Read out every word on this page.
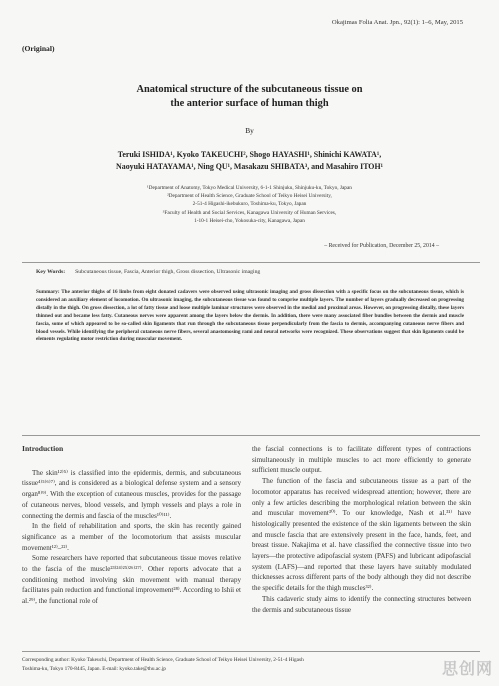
Okajimas Folia Anat. Jpn., 92(1): 1–6, May, 2015
(Original)
Anatomical structure of the subcutaneous tissue on
the anterior surface of human thigh
By
Teruki ISHIDA¹, Kyoko TAKEUCHI², Shogo HAYASHI¹, Shinichi KAWATA¹,
Naoyuki HATAYAMA¹, Ning QU¹, Masakazu SHIBATA³, and Masahiro ITOH¹
¹Department of Anatomy, Tokyo Medical University, 6-1-1 Shinjuku, Shinjuku-ku, Tokyo, Japan
²Department of Health Science, Graduate School of Teikyo Heisei University,
2-51-4 Higashi-ikebukuro, Toshima-ku, Tokyo, Japan
³Faculty of Health and Social Services, Kanagawa University of Human Services,
1-10-1 Heisei-cho, Yokosuka-city, Kanagawa, Japan
– Received for Publication, December 25, 2014 –
Key Words: Subcutaneous tissue, Fascia, Anterior thigh, Gross dissection, Ultrasonic imaging
Summary: The anterior thighs of 16 limbs from eight donated cadavers were observed using ultrasonic imaging and gross dissection with a specific focus on the subcutaneous tissue, which is considered an auxiliary element of locomotion. On ultrasonic imaging, the subcutaneous tissue was found to comprise multiple layers. The number of layers gradually decreased on progressing distally in the thigh. On gross dissection, a lot of fatty tissue and loose multiple laminar structures were observed in the medial and proximal areas. However, on progressing distally, these layers thinned out and became less fatty. Cutaneous nerves were apparent among the layers below the dermis. In addition, there were many associated fiber bundles between the dermis and muscle fascia, some of which appeared to be so-called skin ligaments that run through the subcutaneous tissue perpendicularly from the fascia to dermis, accompanying cutaneous nerve fibers and blood vessels. While identifying the peripheral cutaneous nerve fibers, several anastomosing rami and neural networks were recognized. These observations suggest that skin ligaments could be elements regulating motor restriction during muscular movement.

Introduction

The skin¹²⁾⁵⁾ is classified into the epidermis, dermis, and subcutaneous tissue⁴⁾⁵⁾⁶⁾⁷⁾, and is considered as a biological defense system and a sensory organ⁸⁾⁹⁾. With the exception of cutaneous muscles, provides for the passage of cutaneous nerves, blood vessels, and lymph vessels and plays a role in connecting the dermis and fascia of the muscles¹⁰⁾¹¹⁾.

In the field of rehabilitation and sports, the skin has recently gained significance as a member of the locomotorium that assists muscular movement¹²⁾–²²⁾.

Some researchers have reported that subcutaneous tissue moves relative to the fascia of the muscle²³⁾²⁴⁾²⁵⁾²⁶⁾²⁷⁾. Other reports advocate that a conditioning method involving skin movement with manual therapy facilitates pain reduction and functional improvement²⁸⁾. According to Ishii et al.²⁹⁾, the functional role of

the fascial connections is to facilitate different types of contractions simultaneously in multiple muscles to act more efficiently to generate sufficient muscle output.

The function of the fascia and subcutaneous tissue as a part of the locomotor apparatus has received widespread attention; however, there are only a few articles describing the morphological relation between the skin and muscular movement³⁰⁾. To our knowledge, Nash et al.³¹⁾ have histologically presented the existence of the skin ligaments between the skin and muscle fascia that are extensively present in the face, hands, feet, and breast tissue. Nakajima et al. have classified the connective tissue into two layers—the protective adipofascial system (PAFS) and lubricant adipofascial system (LAFS)—and reported that these layers have suitably modulated thicknesses across different parts of the body although they did not describe the specific details for the thigh muscles³²⁾.

This cadaveric study aims to identify the connecting structures between the dermis and subcutaneous tissue

Corresponding author: Kyoko Takeuchi, Department of Health Science, Graduate School of Teikyo Heisei University, 2-51-4 Higash
Toshima-ku, Tokyo 170-8445, Japan. E-mail: kyoko.take@thu.ac.jp	思创网
